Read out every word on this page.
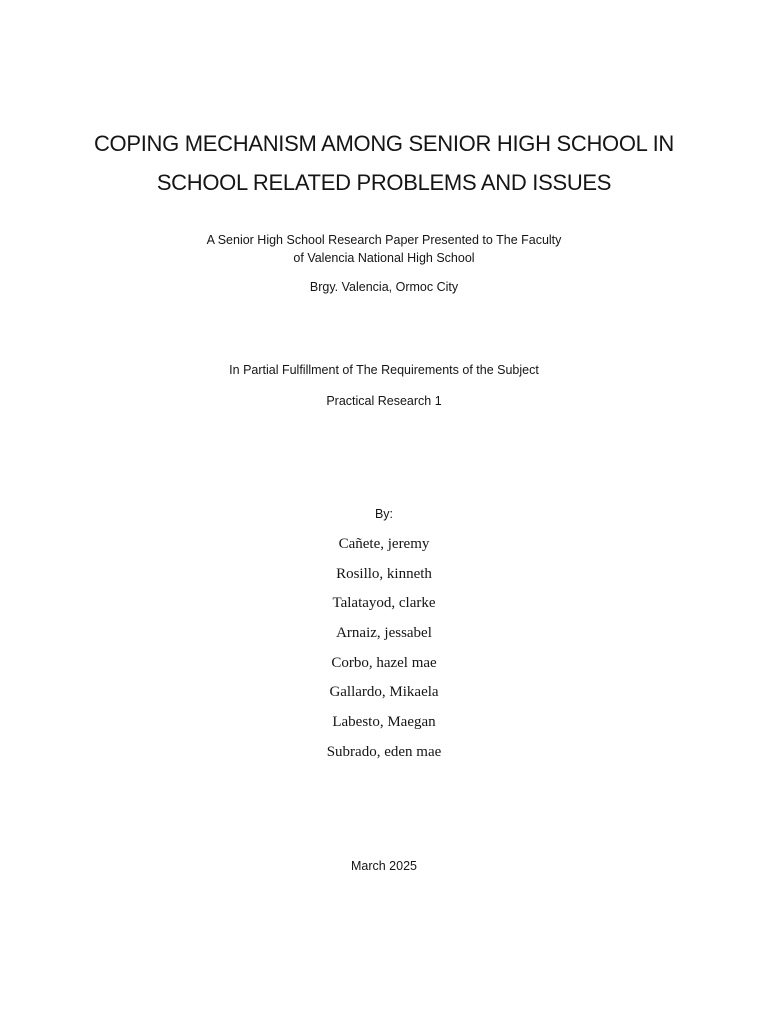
COPING MECHANISM AMONG SENIOR HIGH SCHOOL IN
SCHOOL RELATED PROBLEMS AND ISSUES
A Senior High School Research Paper Presented to The Faculty
of Valencia National High School
Brgy. Valencia, Ormoc City
In Partial Fulfillment of The Requirements of the Subject
Practical Research 1
By:
Cañete, jeremy
Rosillo, kinneth
Talatayod, clarke
Arnaiz, jessabel
Corbo, hazel mae
Gallardo, Mikaela
Labesto, Maegan
Subrado, eden mae
March 2025
